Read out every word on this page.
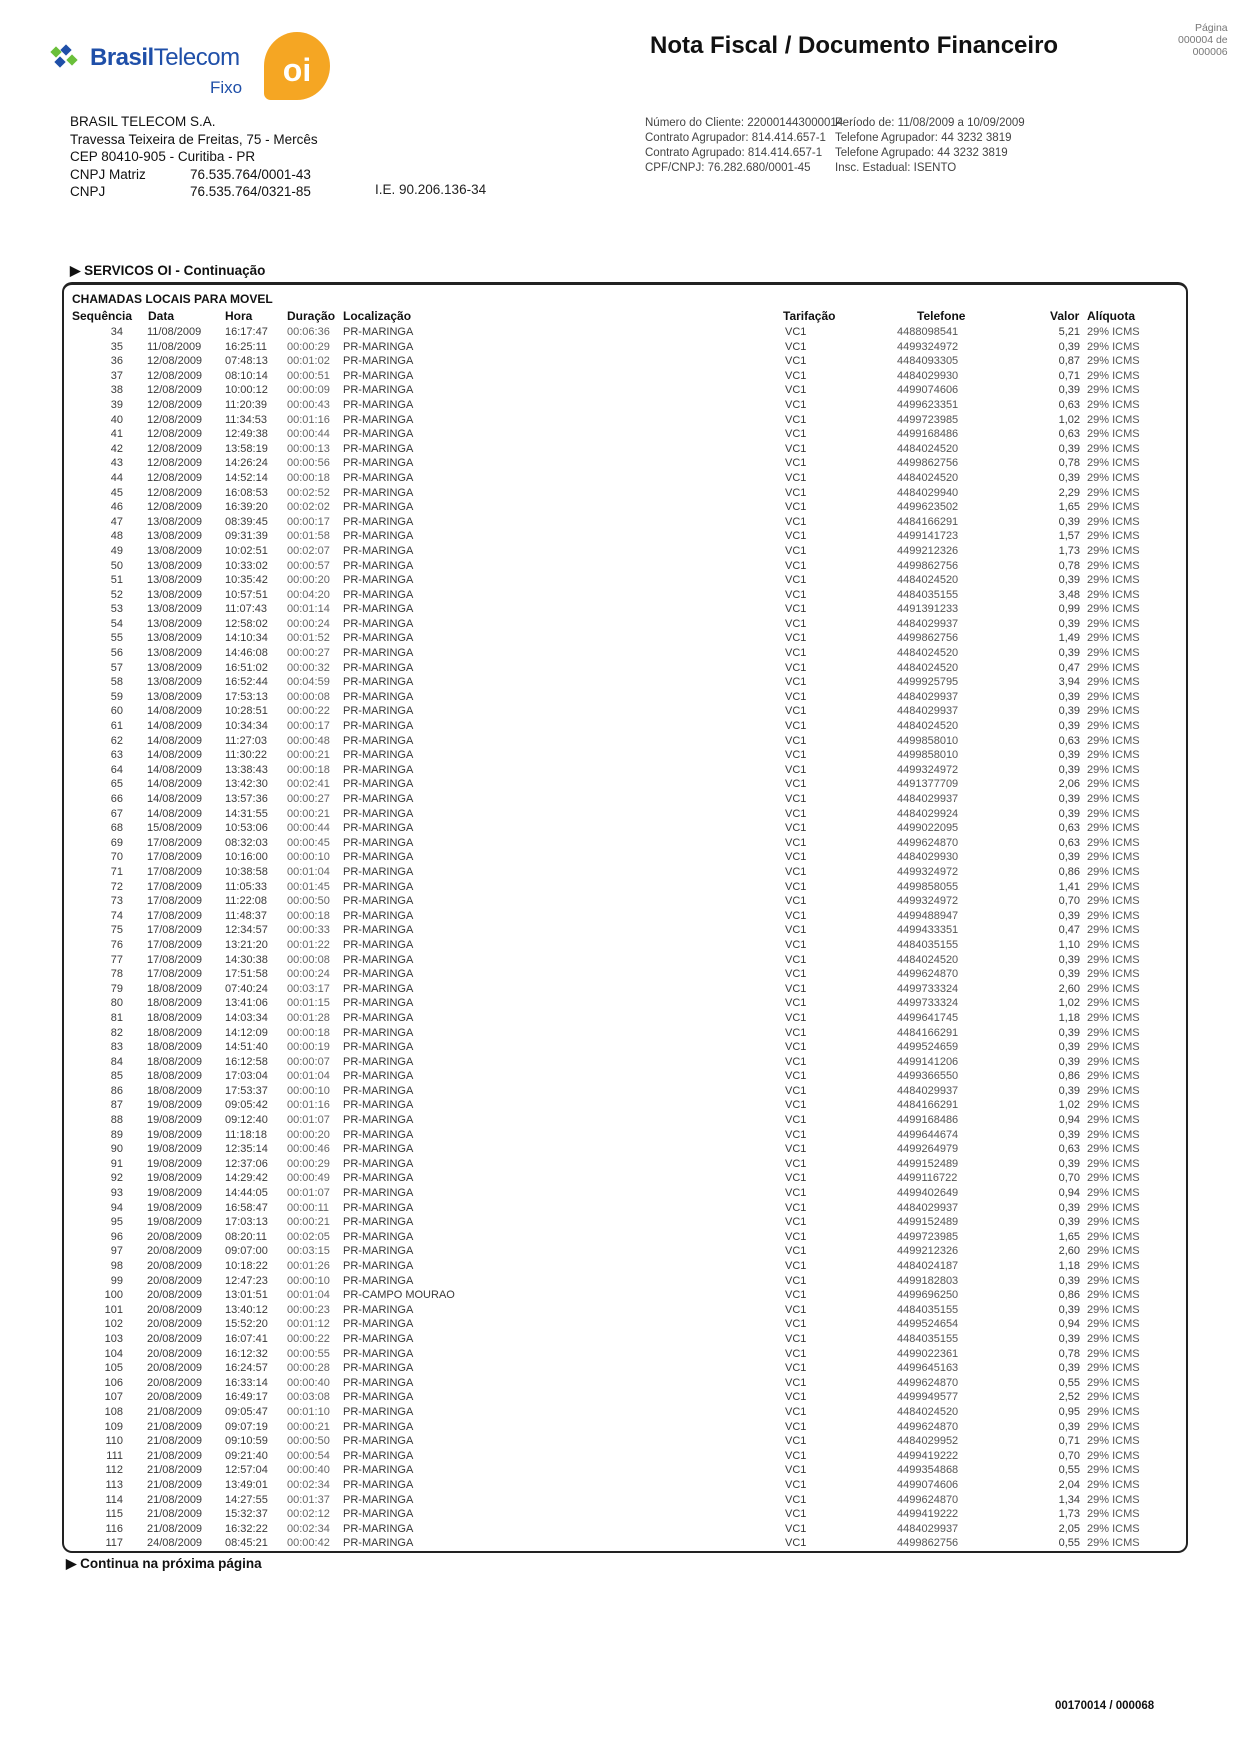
BrasilTelecom
Fixo	oi
BRASIL TELECOM S.A.
Travessa Teixeira de Freitas, 75 - Mercês
CEP 80410-905 - Curitiba - PR
CNPJ Matriz	76.535.764/0001-43
CNPJ	76.535.764/0321-85	I.E. 90.206.136-34
Nota Fiscal / Documento Financeiro
Página
000004 de
000006
Número do Cliente: 220001443000014
Contrato Agrupador: 814.414.657-1
Contrato Agrupado: 814.414.657-1
CPF/CNPJ: 76.282.680/0001-45
Período de: 11/08/2009 a 10/09/2009
Telefone Agrupador: 44 3232 3819
Telefone Agrupado: 44 3232 3819
Insc. Estadual: ISENTO
▶ SERVICOS OI - Continuação
CHAMADAS LOCAIS PARA MOVEL
Sequência Data	Hora	Duração Localização	Tarifação	Telefone	Valor Alíquota
34 11/08/2009 16:17:47 00:06:36 PR-MARINGA	VC1	4488098541	5,21 29% ICMS
35 11/08/2009 16:25:11 00:00:29 PR-MARINGA	VC1	4499324972	0,39 29% ICMS
36 12/08/2009 07:48:13 00:01:02 PR-MARINGA	VC1	4484093305	0,87 29% ICMS
37 12/08/2009 08:10:14 00:00:51 PR-MARINGA	VC1	4484029930	0,71 29% ICMS
38 12/08/2009 10:00:12 00:00:09 PR-MARINGA	VC1	4499074606	0,39 29% ICMS
39 12/08/2009 11:20:39 00:00:43 PR-MARINGA	VC1	4499623351	0,63 29% ICMS
40 12/08/2009 11:34:53 00:01:16 PR-MARINGA	VC1	4499723985	1,02 29% ICMS
41 12/08/2009 12:49:38 00:00:44 PR-MARINGA	VC1	4499168486	0,63 29% ICMS
42 12/08/2009 13:58:19 00:00:13 PR-MARINGA	VC1	4484024520	0,39 29% ICMS
43 12/08/2009 14:26:24 00:00:56 PR-MARINGA	VC1	4499862756	0,78 29% ICMS
44 12/08/2009 14:52:14 00:00:18 PR-MARINGA	VC1	4484024520	0,39 29% ICMS
45 12/08/2009 16:08:53 00:02:52 PR-MARINGA	VC1	4484029940	2,29 29% ICMS
46 12/08/2009 16:39:20 00:02:02 PR-MARINGA	VC1	4499623502	1,65 29% ICMS
47 13/08/2009 08:39:45 00:00:17 PR-MARINGA	VC1	4484166291	0,39 29% ICMS
48 13/08/2009 09:31:39 00:01:58 PR-MARINGA	VC1	4499141723	1,57 29% ICMS
49 13/08/2009 10:02:51 00:02:07 PR-MARINGA	VC1	4499212326	1,73 29% ICMS
50 13/08/2009 10:33:02 00:00:57 PR-MARINGA	VC1	4499862756	0,78 29% ICMS
51 13/08/2009 10:35:42 00:00:20 PR-MARINGA	VC1	4484024520	0,39 29% ICMS
52 13/08/2009 10:57:51 00:04:20 PR-MARINGA	VC1	4484035155	3,48 29% ICMS
53 13/08/2009 11:07:43 00:01:14 PR-MARINGA	VC1	4491391233	0,99 29% ICMS
54 13/08/2009 12:58:02 00:00:24 PR-MARINGA	VC1	4484029937	0,39 29% ICMS
55 13/08/2009 14:10:34 00:01:52 PR-MARINGA	VC1	4499862756	1,49 29% ICMS
56 13/08/2009 14:46:08 00:00:27 PR-MARINGA	VC1	4484024520	0,39 29% ICMS
57 13/08/2009 16:51:02 00:00:32 PR-MARINGA	VC1	4484024520	0,47 29% ICMS
58 13/08/2009 16:52:44 00:04:59 PR-MARINGA	VC1	4499925795	3,94 29% ICMS
59 13/08/2009 17:53:13 00:00:08 PR-MARINGA	VC1	4484029937	0,39 29% ICMS
60 14/08/2009 10:28:51 00:00:22 PR-MARINGA	VC1	4484029937	0,39 29% ICMS
61 14/08/2009 10:34:34 00:00:17 PR-MARINGA	VC1	4484024520	0,39 29% ICMS
62 14/08/2009 11:27:03 00:00:48 PR-MARINGA	VC1	4499858010	0,63 29% ICMS
63 14/08/2009 11:30:22 00:00:21 PR-MARINGA	VC1	4499858010	0,39 29% ICMS
64 14/08/2009 13:38:43 00:00:18 PR-MARINGA	VC1	4499324972	0,39 29% ICMS
65 14/08/2009 13:42:30 00:02:41 PR-MARINGA	VC1	4491377709	2,06 29% ICMS
66 14/08/2009 13:57:36 00:00:27 PR-MARINGA	VC1	4484029937	0,39 29% ICMS
67 14/08/2009 14:31:55 00:00:21 PR-MARINGA	VC1	4484029924	0,39 29% ICMS
68 15/08/2009 10:53:06 00:00:44 PR-MARINGA	VC1	4499022095	0,63 29% ICMS
69 17/08/2009 08:32:03 00:00:45 PR-MARINGA	VC1	4499624870	0,63 29% ICMS
70 17/08/2009 10:16:00 00:00:10 PR-MARINGA	VC1	4484029930	0,39 29% ICMS
71 17/08/2009 10:38:58 00:01:04 PR-MARINGA	VC1	4499324972	0,86 29% ICMS
72 17/08/2009 11:05:33 00:01:45 PR-MARINGA	VC1	4499858055	1,41 29% ICMS
73 17/08/2009 11:22:08 00:00:50 PR-MARINGA	VC1	4499324972	0,70 29% ICMS
74 17/08/2009 11:48:37 00:00:18 PR-MARINGA	VC1	4499488947	0,39 29% ICMS
75 17/08/2009 12:34:57 00:00:33 PR-MARINGA	VC1	4499433351	0,47 29% ICMS
76 17/08/2009 13:21:20 00:01:22 PR-MARINGA	VC1	4484035155	1,10 29% ICMS
77 17/08/2009 14:30:38 00:00:08 PR-MARINGA	VC1	4484024520	0,39 29% ICMS
78 17/08/2009 17:51:58 00:00:24 PR-MARINGA	VC1	4499624870	0,39 29% ICMS
79 18/08/2009 07:40:24 00:03:17 PR-MARINGA	VC1	4499733324	2,60 29% ICMS
80 18/08/2009 13:41:06 00:01:15 PR-MARINGA	VC1	4499733324	1,02 29% ICMS
81 18/08/2009 14:03:34 00:01:28 PR-MARINGA	VC1	4499641745	1,18 29% ICMS
82 18/08/2009 14:12:09 00:00:18 PR-MARINGA	VC1	4484166291	0,39 29% ICMS
83 18/08/2009 14:51:40 00:00:19 PR-MARINGA	VC1	4499524659	0,39 29% ICMS
84 18/08/2009 16:12:58 00:00:07 PR-MARINGA	VC1	4499141206	0,39 29% ICMS
85 18/08/2009 17:03:04 00:01:04 PR-MARINGA	VC1	4499366550	0,86 29% ICMS
86 18/08/2009 17:53:37 00:00:10 PR-MARINGA	VC1	4484029937	0,39 29% ICMS
87 19/08/2009 09:05:42 00:01:16 PR-MARINGA	VC1	4484166291	1,02 29% ICMS
88 19/08/2009 09:12:40 00:01:07 PR-MARINGA	VC1	4499168486	0,94 29% ICMS
89 19/08/2009 11:18:18 00:00:20 PR-MARINGA	VC1	4499644674	0,39 29% ICMS
90 19/08/2009 12:35:14 00:00:46 PR-MARINGA	VC1	4499264979	0,63 29% ICMS
91 19/08/2009 12:37:06 00:00:29 PR-MARINGA	VC1	4499152489	0,39 29% ICMS
92 19/08/2009 14:29:42 00:00:49 PR-MARINGA	VC1	4499116722	0,70 29% ICMS
93 19/08/2009 14:44:05 00:01:07 PR-MARINGA	VC1	4499402649	0,94 29% ICMS
94 19/08/2009 16:58:47 00:00:11 PR-MARINGA	VC1	4484029937	0,39 29% ICMS
95 19/08/2009 17:03:13 00:00:21 PR-MARINGA	VC1	4499152489	0,39 29% ICMS
96 20/08/2009 08:20:11 00:02:05 PR-MARINGA	VC1	4499723985	1,65 29% ICMS
97 20/08/2009 09:07:00 00:03:15 PR-MARINGA	VC1	4499212326	2,60 29% ICMS
98 20/08/2009 10:18:22 00:01:26 PR-MARINGA	VC1	4484024187	1,18 29% ICMS
99 20/08/2009 12:47:23 00:00:10 PR-MARINGA	VC1	4499182803	0,39 29% ICMS
100 20/08/2009 13:01:51 00:01:04 PR-CAMPO MOURAO	VC1	4499696250	0,86 29% ICMS
101 20/08/2009 13:40:12 00:00:23 PR-MARINGA	VC1	4484035155	0,39 29% ICMS
102 20/08/2009 15:52:20 00:01:12 PR-MARINGA	VC1	4499524654	0,94 29% ICMS
103 20/08/2009 16:07:41 00:00:22 PR-MARINGA	VC1	4484035155	0,39 29% ICMS
104 20/08/2009 16:12:32 00:00:55 PR-MARINGA	VC1	4499022361	0,78 29% ICMS
105 20/08/2009 16:24:57 00:00:28 PR-MARINGA	VC1	4499645163	0,39 29% ICMS
106 20/08/2009 16:33:14 00:00:40 PR-MARINGA	VC1	4499624870	0,55 29% ICMS
107 20/08/2009 16:49:17 00:03:08 PR-MARINGA	VC1	4499949577	2,52 29% ICMS
108 21/08/2009 09:05:47 00:01:10 PR-MARINGA	VC1	4484024520	0,95 29% ICMS
109 21/08/2009 09:07:19 00:00:21 PR-MARINGA	VC1	4499624870	0,39 29% ICMS
110 21/08/2009 09:10:59 00:00:50 PR-MARINGA	VC1	4484029952	0,71 29% ICMS
111 21/08/2009 09:21:40 00:00:54 PR-MARINGA	VC1	4499419222	0,70 29% ICMS
112 21/08/2009 12:57:04 00:00:40 PR-MARINGA	VC1	4499354868	0,55 29% ICMS
113 21/08/2009 13:49:01 00:02:34 PR-MARINGA	VC1	4499074606	2,04 29% ICMS
114 21/08/2009 14:27:55 00:01:37 PR-MARINGA	VC1	4499624870	1,34 29% ICMS
115 21/08/2009 15:32:37 00:02:12 PR-MARINGA	VC1	4499419222	1,73 29% ICMS
116 21/08/2009 16:32:22 00:02:34 PR-MARINGA	VC1	4484029937	2,05 29% ICMS
117 24/08/2009 08:45:21 00:00:42 PR-MARINGA	VC1	4499862756	0,55 29% ICMS
▶ Continua na próxima página
00170014 / 000068
